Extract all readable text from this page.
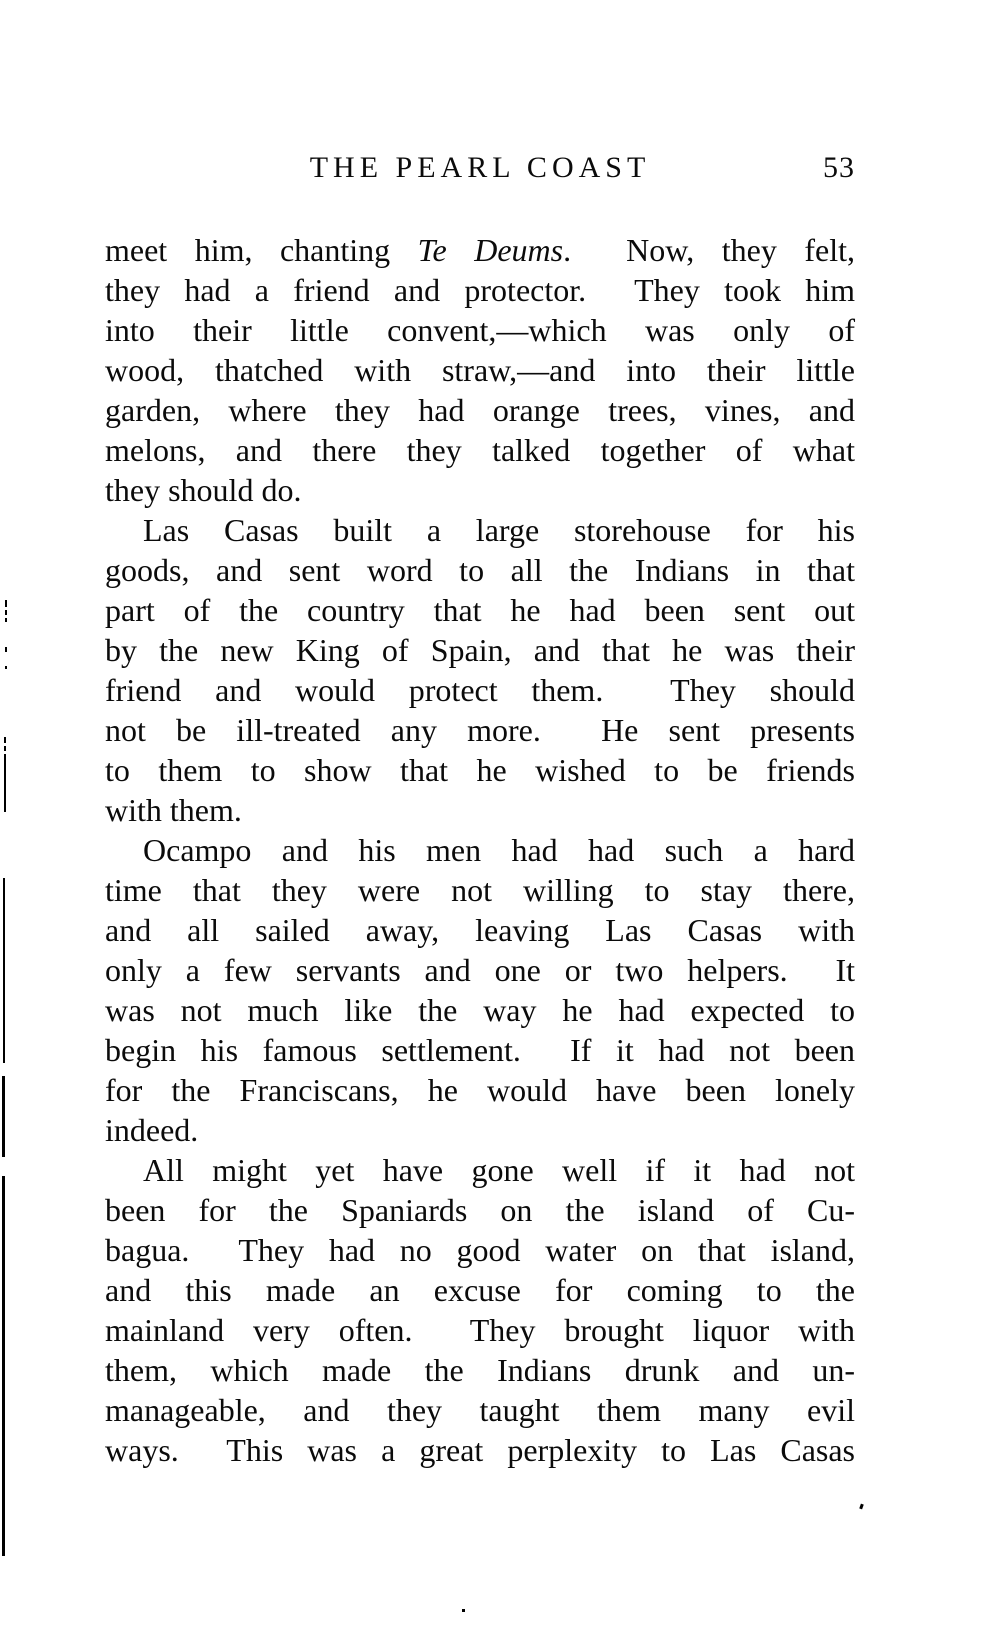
THE PEARL COAST	53
meet him, chanting Te Deums.  Now, they felt,
they had a friend and protector.  They took him
into their little convent,—which was only of
wood, thatched with straw,—and into their little
garden, where they had orange trees, vines, and
melons, and there they talked together of what
they should do.
Las Casas built a large storehouse for his
goods, and sent word to all the Indians in that
part of the country that he had been sent out
by the new King of Spain, and that he was their
friend and would protect them.  They should
not be ill-treated any more.  He sent presents
to them to show that he wished to be friends
with them.
Ocampo and his men had had such a hard
time that they were not willing to stay there,
and all sailed away, leaving Las Casas with
only a few servants and one or two helpers.  It
was not much like the way he had expected to
begin his famous settlement.  If it had not been
for the Franciscans, he would have been lonely
indeed.
All might yet have gone well if it had not
been for the Spaniards on the island of Cu-
bagua.  They had no good water on that island,
and this made an excuse for coming to the
mainland very often.  They brought liquor with
them, which made the Indians drunk and un-
manageable, and they taught them many evil
ways.  This was a great perplexity to Las Casas
